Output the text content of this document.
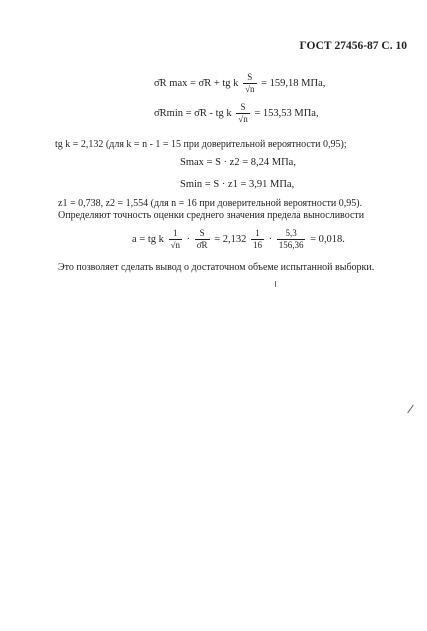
ГОСТ 27456-87 С. 10
σ̄R max = σ̄R + tg k $\frac{S}{√n} = 159,18$ МПа,
σ̄Rmin = σ̄R - tg k $\frac{S}{√n} = 153,53$ МПа,
tg k = 2,132 (для k = n - 1 = 15 при доверительной вероятности 0,95);
Smax = S · z2 = 8,24 МПа,
Smin = S · z1 = 3,91 МПа,
z1 = 0,738, z2 = 1,554 (для n = 16 при доверительной вероятности 0,95).
Определяют точность оценки среднего значения предела выносливости
a = tg k $\frac{1}{√n} \cdot \frac{S}{\sigmāR} = 2,132 \frac{1}{16} \cdot \frac{5,3}{156,36} = 0,018$.
Это позволяет сделать вывод о достаточном объеме испытанной выборки.
